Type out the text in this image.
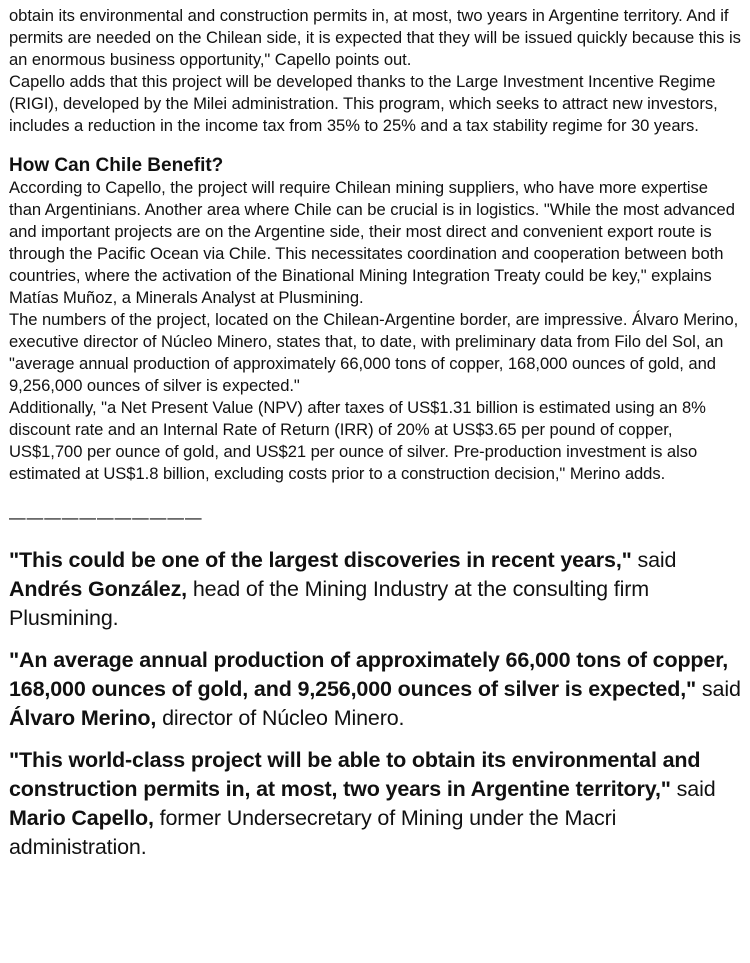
obtain its environmental and construction permits in, at most, two years in Argentine territory. And if permits are needed on the Chilean side, it is expected that they will be issued quickly because this is an enormous business opportunity," Capello points out.

Capello adds that this project will be developed thanks to the Large Investment Incentive Regime (RIGI), developed by the Milei administration. This program, which seeks to attract new investors, includes a reduction in the income tax from 35% to 25% and a tax stability regime for 30 years.

How Can Chile Benefit?

According to Capello, the project will require Chilean mining suppliers, who have more expertise than Argentinians. Another area where Chile can be crucial is in logistics. "While the most advanced and important projects are on the Argentine side, their most direct and convenient export route is through the Pacific Ocean via Chile. This necessitates coordination and cooperation between both countries, where the activation of the Binational Mining Integration Treaty could be key," explains Matías Muñoz, a Minerals Analyst at Plusmining.

The numbers of the project, located on the Chilean-Argentine border, are impressive. Álvaro Merino, executive director of Núcleo Minero, states that, to date, with preliminary data from Filo del Sol, an "average annual production of approximately 66,000 tons of copper, 168,000 ounces of gold, and 9,256,000 ounces of silver is expected."

Additionally, "a Net Present Value (NPV) after taxes of US$1.31 billion is estimated using an 8% discount rate and an Internal Rate of Return (IRR) of 20% at US$3.65 per pound of copper, US$1,700 per ounce of gold, and US$21 per ounce of silver. Pre-production investment is also estimated at US$1.8 billion, excluding costs prior to a construction decision," Merino adds.

———————————

"This could be one of the largest discoveries in recent years," said Andrés González, head of the Mining Industry at the consulting firm Plusmining.

"An average annual production of approximately 66,000 tons of copper, 168,000 ounces of gold, and 9,256,000 ounces of silver is expected," said Álvaro Merino, director of Núcleo Minero.

"This world-class project will be able to obtain its environmental and construction permits in, at most, two years in Argentine territory," said Mario Capello, former Undersecretary of Mining under the Macri administration.
